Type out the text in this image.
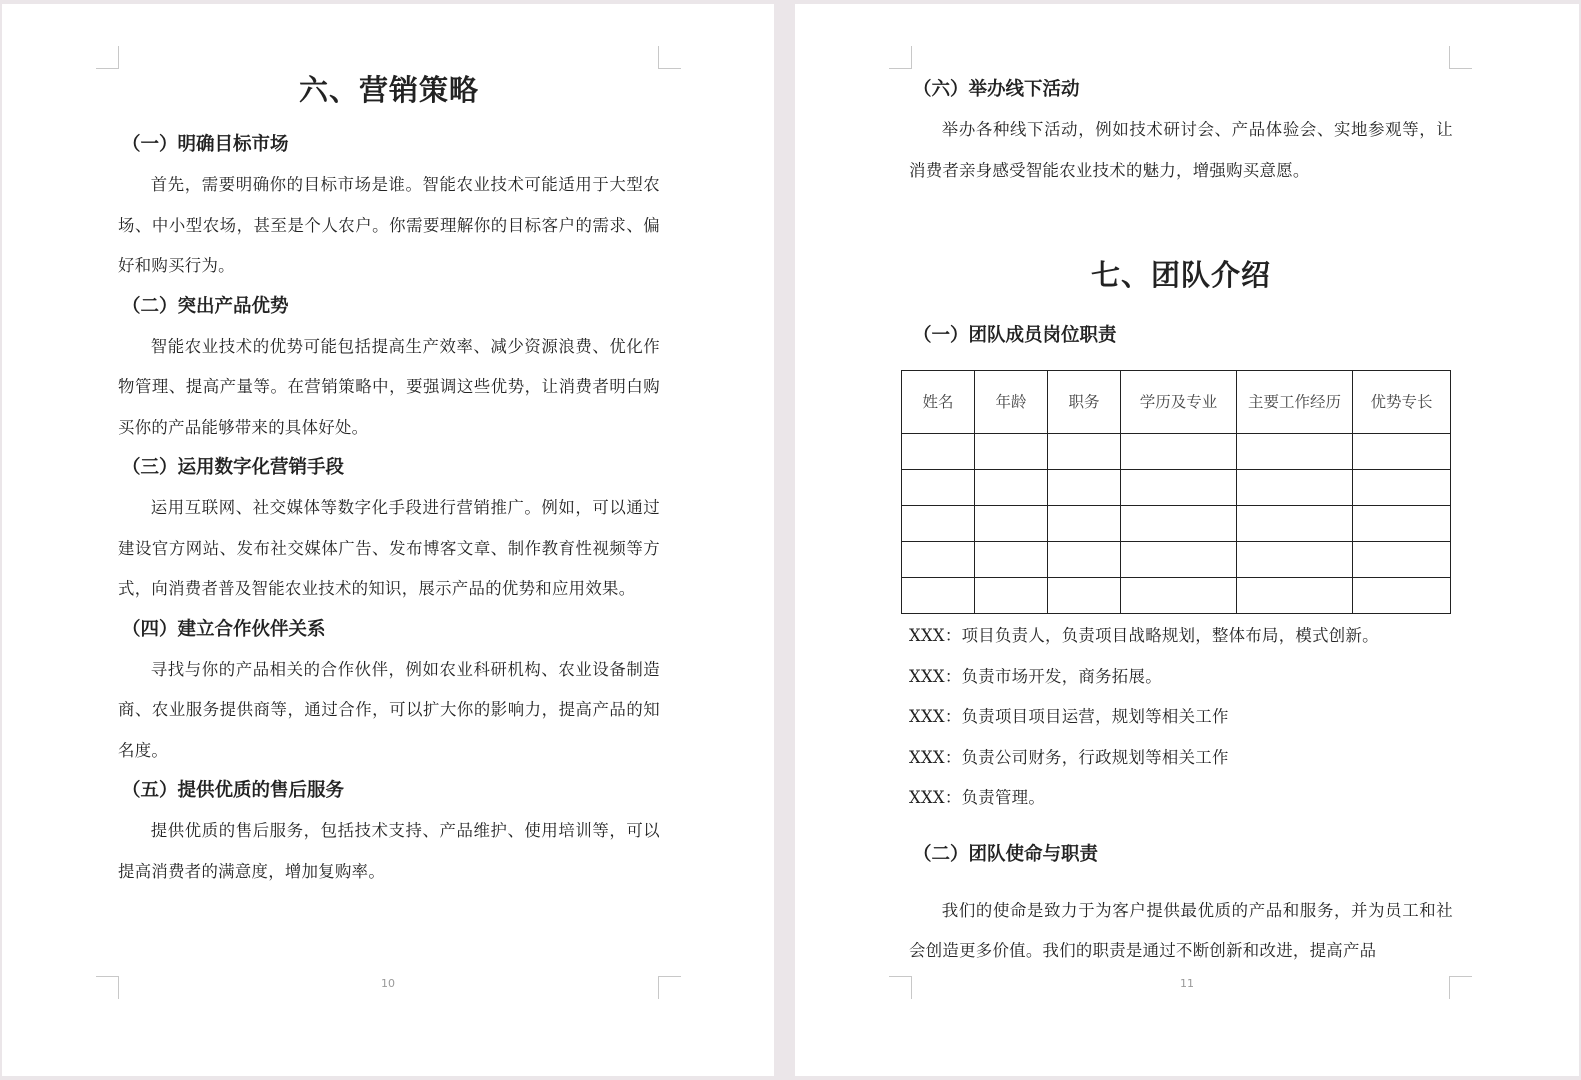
六、营销策略
（一）明确目标市场

首先，需要明确你的目标市场是谁。智能农业技术可能适用于大型农场、中小型农场，甚至是个人农户。你需要理解你的目标客户的需求、偏好和购买行为。

（二）突出产品优势

智能农业技术的优势可能包括提高生产效率、减少资源浪费、优化作物管理、提高产量等。在营销策略中，要强调这些优势，让消费者明白购买你的产品能够带来的具体好处。

（三）运用数字化营销手段

运用互联网、社交媒体等数字化手段进行营销推广。例如，可以通过建设官方网站、发布社交媒体广告、发布博客文章、制作教育性视频等方式，向消费者普及智能农业技术的知识，展示产品的优势和应用效果。

（四）建立合作伙伴关系

寻找与你的产品相关的合作伙伴，例如农业科研机构、农业设备制造商、农业服务提供商等，通过合作，可以扩大你的影响力，提高产品的知名度。

（五）提供优质的售后服务

提供优质的售后服务，包括技术支持、产品维护、使用培训等，可以提高消费者的满意度，增加复购率。

10
（六）举办线下活动

举办各种线下活动，例如技术研讨会、产品体验会、实地参观等，让消费者亲身感受智能农业技术的魅力，增强购买意愿。

七、团队介绍
（一）团队成员岗位职责
姓名	年龄	职务	学历及专业	主要工作经历	优势专长

XXX：项目负责人，负责项目战略规划，整体布局，模式创新。

XXX：负责市场开发，商务拓展。

XXX：负责项目项目运营，规划等相关工作

XXX：负责公司财务，行政规划等相关工作

XXX：负责管理。

（二）团队使命与职责

我们的使命是致力于为客户提供最优质的产品和服务，并为员工和社会创造更多价值。我们的职责是通过不断创新和改进，提高产品

11
